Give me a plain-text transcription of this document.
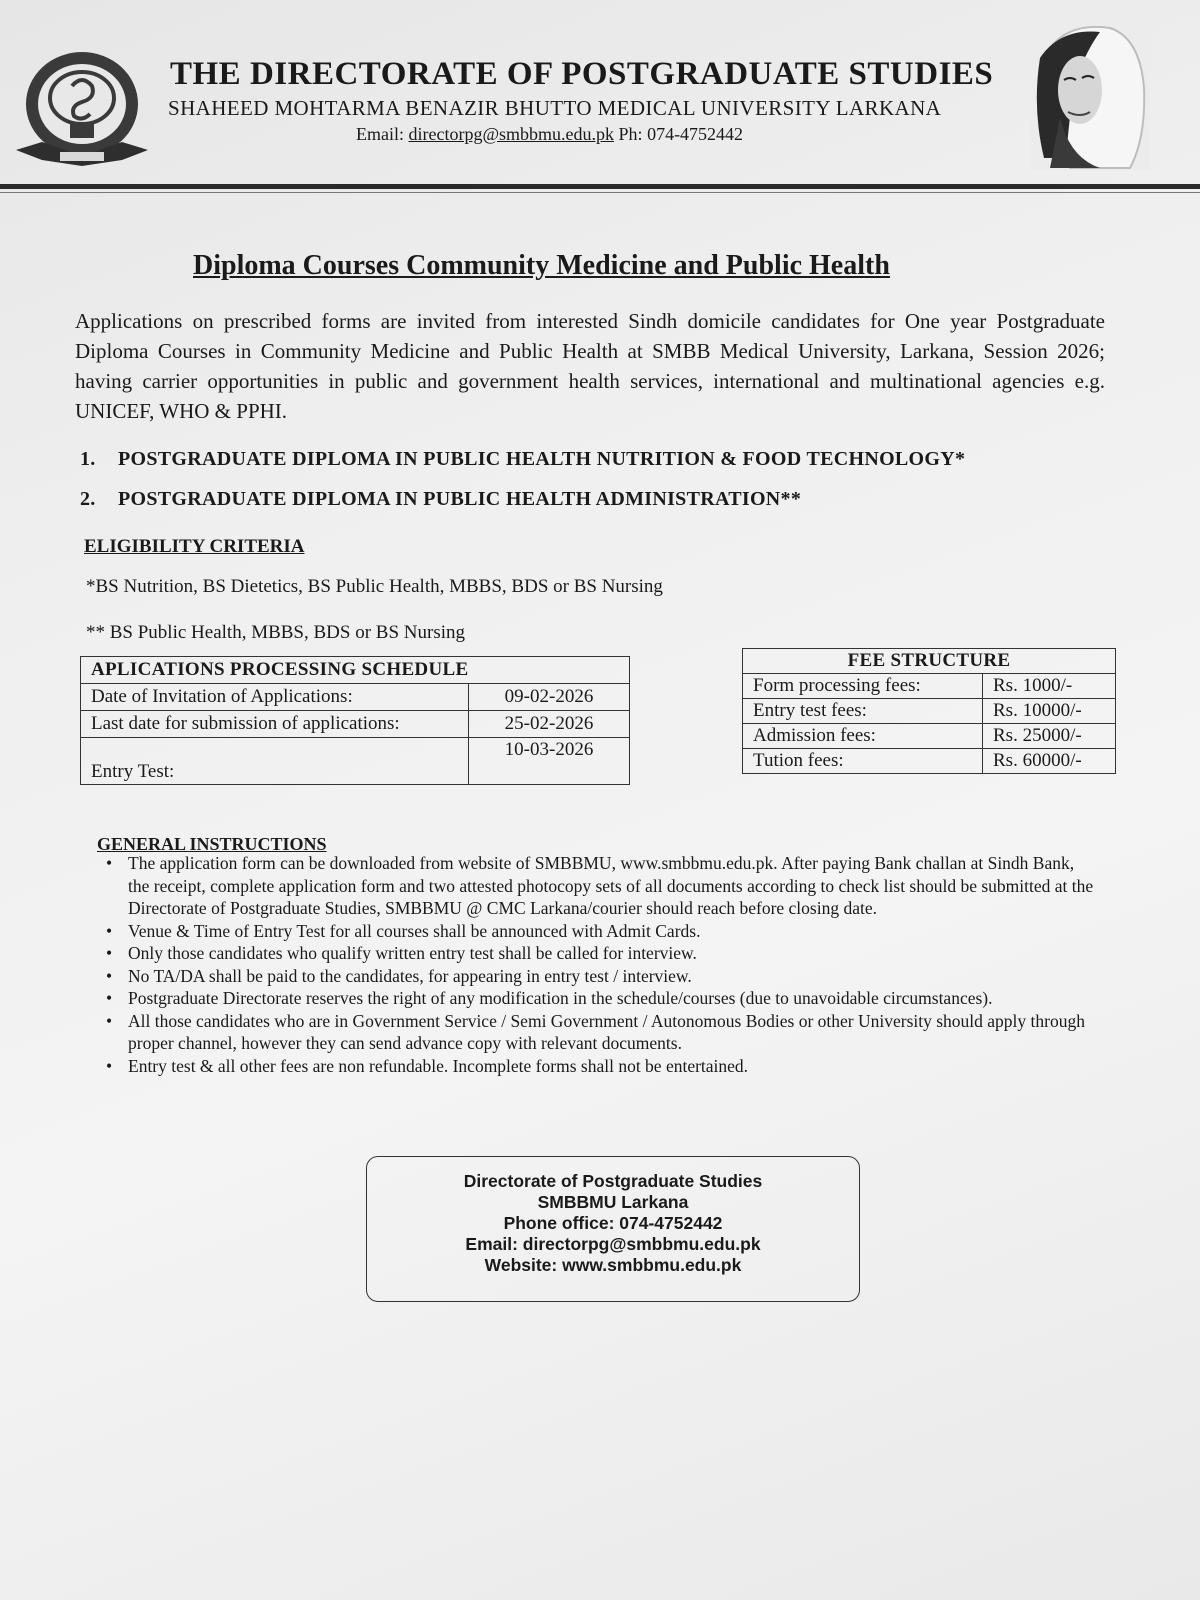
THE DIRECTORATE OF POSTGRADUATE STUDIES
SHAHEED MOHTARMA BENAZIR BHUTTO MEDICAL UNIVERSITY LARKANA
Email: directorpg@smbbmu.edu.pk Ph: 074-4752442
Diploma Courses Community Medicine and Public Health
Applications on prescribed forms are invited from interested Sindh domicile candidates for One year Postgraduate Diploma Courses in Community Medicine and Public Health at SMBB Medical University, Larkana, Session 2026; having carrier opportunities in public and government health services, international and multinational agencies e.g. UNICEF, WHO & PPHI.
1. POSTGRADUATE DIPLOMA IN PUBLIC HEALTH NUTRITION & FOOD TECHNOLOGY*
2. POSTGRADUATE DIPLOMA IN PUBLIC HEALTH ADMINISTRATION**
ELIGIBILITY CRITERIA
*BS Nutrition, BS Dietetics, BS Public Health, MBBS, BDS or BS Nursing
** BS Public Health, MBBS, BDS or BS Nursing
APLICATIONS PROCESSING SCHEDULE	
Date of Invitation of Applications:	09-02-2026
Last date for submission of applications:	25-02-2026
Entry Test:	10-03-2026
FEE STRUCTURE	
Form processing fees:	Rs. 1000/-
Entry test fees:	Rs. 10000/-
Admission fees:	Rs. 25000/-
Tution fees:	Rs. 60000/-
GENERAL INSTRUCTIONS
• The application form can be downloaded from website of SMBBMU, www.smbbmu.edu.pk. After paying Bank challan at Sindh Bank, the receipt, complete application form and two attested photocopy sets of all documents according to check list should be submitted at the Directorate of Postgraduate Studies, SMBBMU @ CMC Larkana/courier should reach before closing date.
• Venue & Time of Entry Test for all courses shall be announced with Admit Cards.
• Only those candidates who qualify written entry test shall be called for interview.
• No TA/DA shall be paid to the candidates, for appearing in entry test / interview.
• Postgraduate Directorate reserves the right of any modification in the schedule/courses (due to unavoidable circumstances).
• All those candidates who are in Government Service / Semi Government / Autonomous Bodies or other University should apply through proper channel, however they can send advance copy with relevant documents.
• Entry test & all other fees are non refundable. Incomplete forms shall not be entertained.
Directorate of Postgraduate Studies
SMBBMU Larkana
Phone office: 074-4752442
Email: directorpg@smbbmu.edu.pk
Website: www.smbbmu.edu.pk
